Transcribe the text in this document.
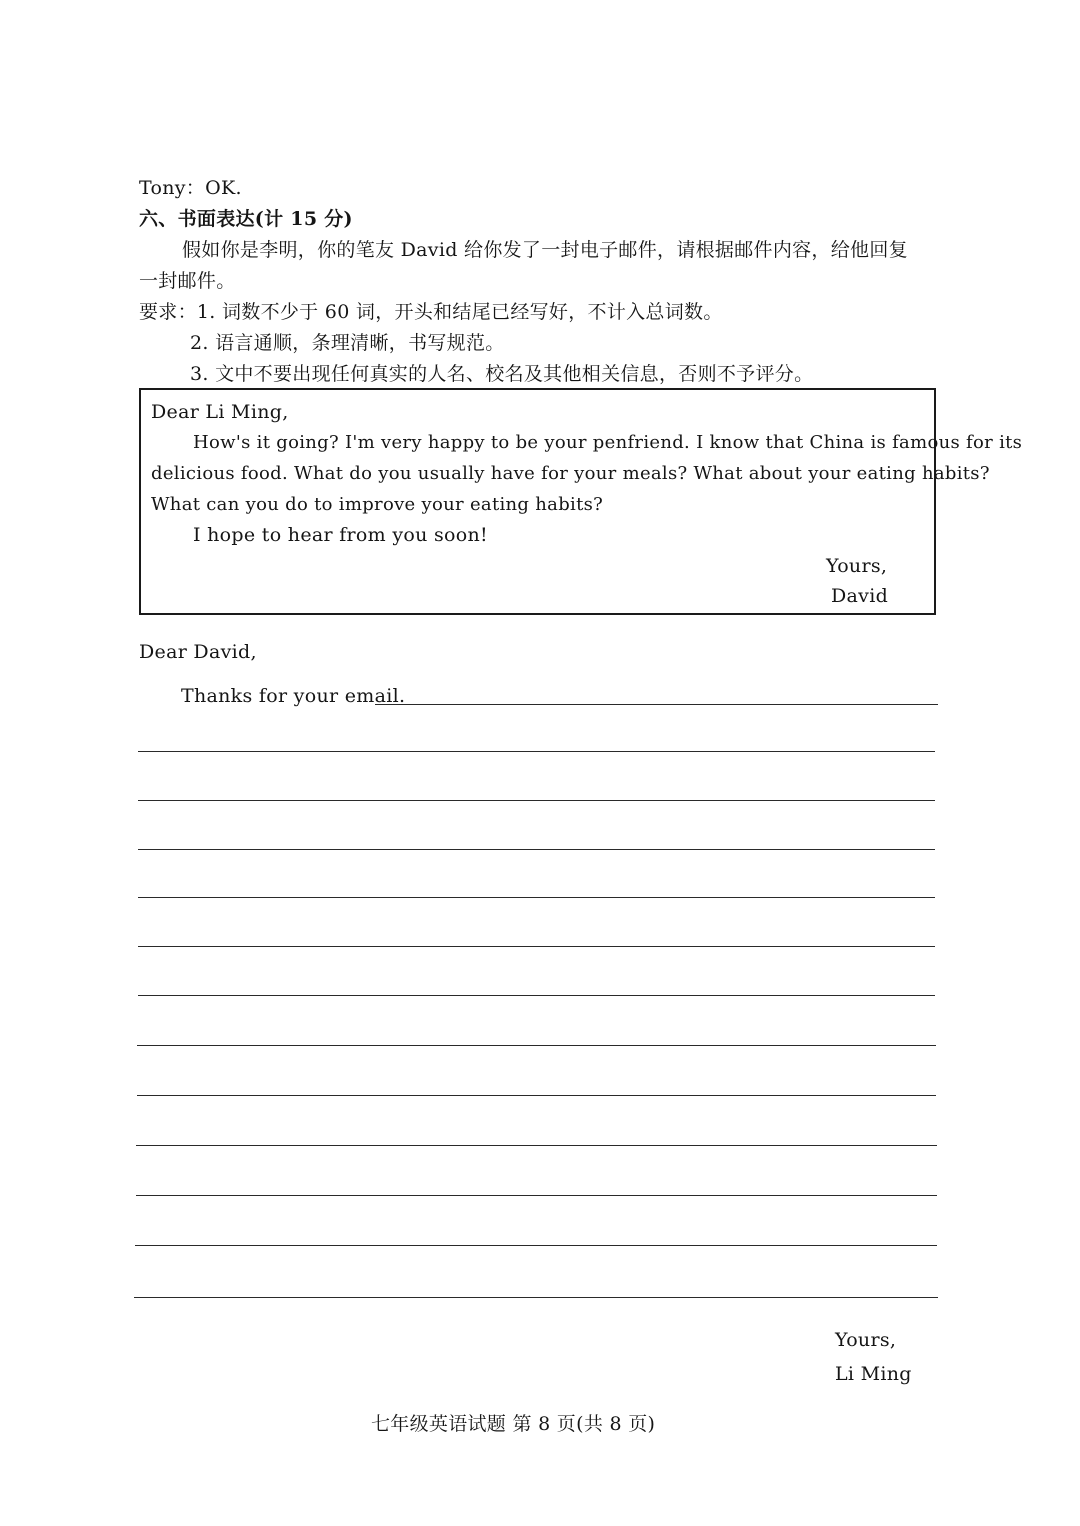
Tony：OK.
六、书面表达(计 15 分)
假如你是李明，你的笔友 David 给你发了一封电子邮件，请根据邮件内容，给他回复
一封邮件。
要求：1. 词数不少于 60 词，开头和结尾已经写好，不计入总词数。
2. 语言通顺，条理清晰，书写规范。
3. 文中不要出现任何真实的人名、校名及其他相关信息，否则不予评分。
Dear Li Ming,
How's it going? I'm very happy to be your penfriend. I know that China is famous for its
delicious food. What do you usually have for your meals? What about your eating habits?
What can you do to improve your eating habits?
I hope to hear from you soon!
Yours,
David
Dear David,
Thanks for your email.
Yours,
Li Ming
七年级英语试题 第 8 页(共 8 页)
